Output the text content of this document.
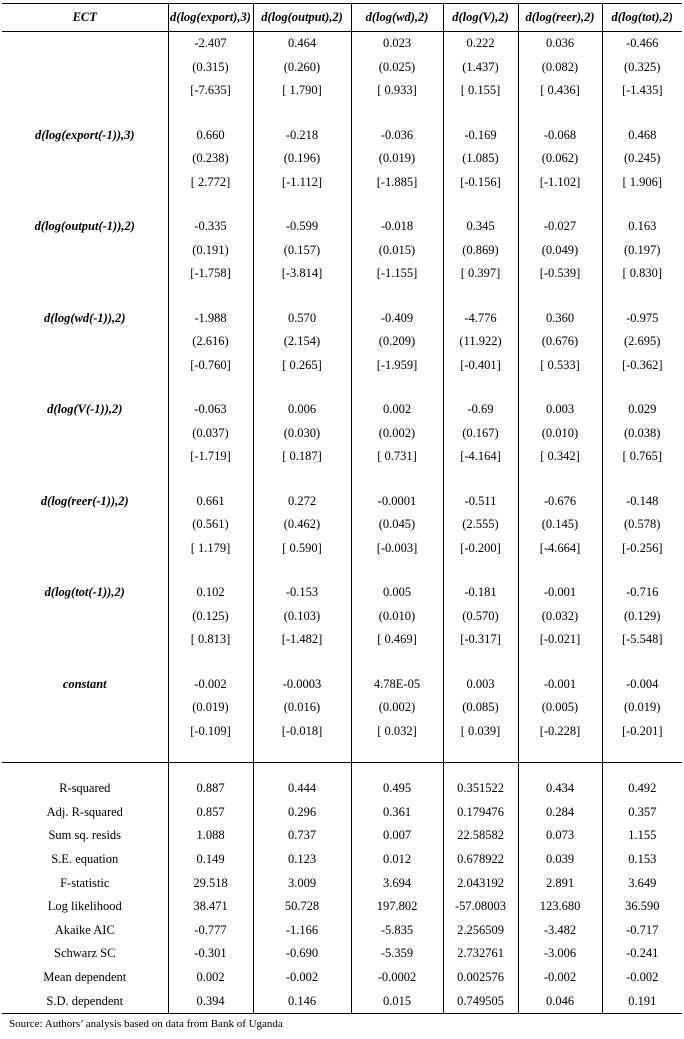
ECT	d(log(export),3)	d(log(output),2)	d(log(wd),2)	d(log(V),2)	d(log(reer),2)	d(log(tot),2)
	-2.407	0.464	0.023	0.222	0.036	-0.466
	(0.315)	(0.260)	(0.025)	(1.437)	(0.082)	(0.325)
	[-7.635]	[ 1.790]	[ 0.933]	[ 0.155]	[ 0.436]	[-1.435]

d(log(export(-1)),3)	0.660	-0.218	-0.036	-0.169	-0.068	0.468
	(0.238)	(0.196)	(0.019)	(1.085)	(0.062)	(0.245)
	[ 2.772]	[-1.112]	[-1.885]	[-0.156]	[-1.102]	[ 1.906]

d(log(output(-1)),2)	-0.335	-0.599	-0.018	0.345	-0.027	0.163
	(0.191)	(0.157)	(0.015)	(0.869)	(0.049)	(0.197)
	[-1.758]	[-3.814]	[-1.155]	[ 0.397]	[-0.539]	[ 0.830]

d(log(wd(-1)),2)	-1.988	0.570	-0.409	-4.776	0.360	-0.975
	(2.616)	(2.154)	(0.209)	(11.922)	(0.676)	(2.695)
	[-0.760]	[ 0.265]	[-1.959]	[-0.401]	[ 0.533]	[-0.362]

d(log(V(-1)),2)	-0.063	0.006	0.002	-0.69	0.003	0.029
	(0.037)	(0.030)	(0.002)	(0.167)	(0.010)	(0.038)
	[-1.719]	[ 0.187]	[ 0.731]	[-4.164]	[ 0.342]	[ 0.765]

d(log(reer(-1)),2)	0.661	0.272	-0.0001	-0.511	-0.676	-0.148
	(0.561)	(0.462)	(0.045)	(2.555)	(0.145)	(0.578)
	[ 1.179]	[ 0.590]	[-0.003]	[-0.200]	[-4.664]	[-0.256]

d(log(tot(-1)),2)	0.102	-0.153	0.005	-0.181	-0.001	-0.716
	(0.125)	(0.103)	(0.010)	(0.570)	(0.032)	(0.129)
	[ 0.813]	[-1.482]	[ 0.469]	[-0.317]	[-0.021]	[-5.548]

constant	-0.002	-0.0003	4.78E-05	0.003	-0.001	-0.004
	(0.019)	(0.016)	(0.002)	(0.085)	(0.005)	(0.019)
	[-0.109]	[-0.018]	[ 0.032]	[ 0.039]	[-0.228]	[-0.201]

R-squared	0.887	0.444	0.495	0.351522	0.434	0.492
Adj. R-squared	0.857	0.296	0.361	0.179476	0.284	0.357
Sum sq. resids	1.088	0.737	0.007	22.58582	0.073	1.155
S.E. equation	0.149	0.123	0.012	0.678922	0.039	0.153
F-statistic	29.518	3.009	3.694	2.043192	2.891	3.649
Log likelihood	38.471	50.728	197.802	-57.08003	123.680	36.590
Akaike AIC	-0.777	-1.166	-5.835	2.256509	-3.482	-0.717
Schwarz SC	-0.301	-0.690	-5.359	2.732761	-3.006	-0.241
Mean dependent	0.002	-0.002	-0.0002	0.002576	-0.002	-0.002
S.D. dependent	0.394	0.146	0.015	0.749505	0.046	0.191
Source: Authors’ analysis based on data from Bank of Uganda
